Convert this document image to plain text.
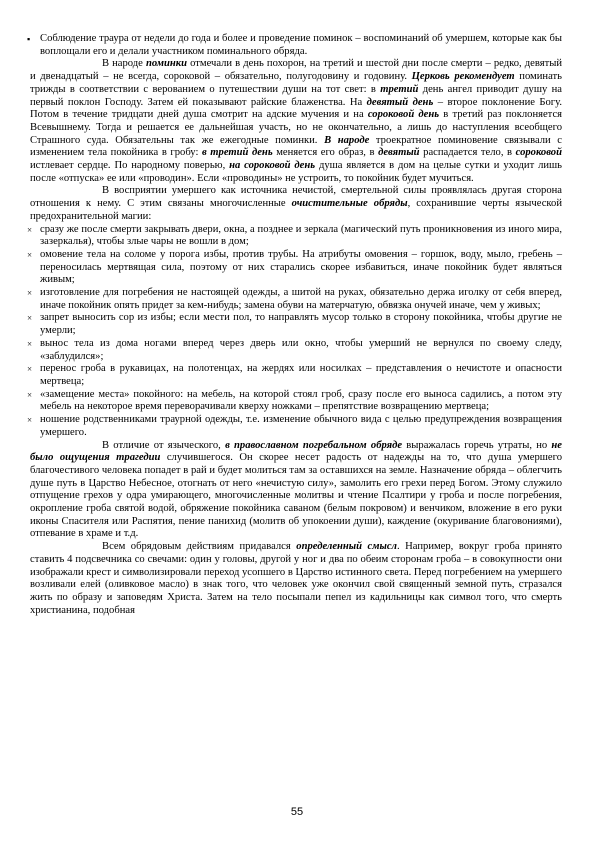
▪ Соблюдение траура от недели до года и более и проведение поминок – воспоминаний об умершем, которые как бы воплощали его и делали участником поминального обряда.

В народе поминки отмечали в день похорон, на третий и шестой дни после смерти – редко, девятый и двенадцатый – не всегда, сороковой – обязательно, полугодовину и годовину. Церковь рекомендует поминать трижды в соответствии с верованием о путешествии души на тот свет: в третий день ангел приводит душу на первый поклон Господу. Затем ей показывают райские блаженства. На девятый день – второе поклонение Богу. Потом в течение тридцати дней душа смотрит на адские мучения и на сороковой день в третий раз поклоняется Всевышнему. Тогда и решается ее дальнейшая участь, но не окончательно, а лишь до наступления всеобщего Страшного суда. Обязательны так же ежегодные поминки. В народе троекратное поминовение связывали с изменением тела покойника в гробу: в третий день меняется его образ, в девятый распадается тело, в сороковой истлевает сердце. По народному поверью, на сороковой день душа является в дом на целые сутки и уходит лишь после «отпуска» ее или «проводин». Если «проводины» не устроить, то покойник будет мучиться.

В восприятии умершего как источника нечистой, смертельной силы проявлялась другая сторона отношения к нему. С этим связаны многочисленные очистительные обряды, сохранившие черты языческой предохранительной магии:

× сразу же после смерти закрывать двери, окна, а позднее и зеркала (магический путь проникновения из иного мира, зазеркалья), чтобы злые чары не вошли в дом;

× омовение тела на соломе у порога избы, против трубы. На атрибуты омовения – горшок, воду, мыло, гребень – переносилась мертвящая сила, поэтому от них старались скорее избавиться, иначе покойник будет являться живым;

× изготовление для погребения не настоящей одежды, а шитой на руках, обязательно держа иголку от себя вперед, иначе покойник опять придет за кем-нибудь; замена обуви на матерчатую, обвязка онучей иначе, чем у живых;

× запрет выносить сор из избы; если мести пол, то направлять мусор только в сторону покойника, чтобы другие не умерли;

× вынос тела из дома ногами вперед через дверь или окно, чтобы умерший не вернулся по своему следу, «заблудился»;

× перенос гроба в рукавицах, на полотенцах, на жердях или носилках – представления о нечистоте и опасности мертвеца;

× «замещение места» покойного: на мебель, на которой стоял гроб, сразу после его выноса садились, а потом эту мебель на некоторое время переворачивали кверху ножками – препятствие возвращению мертвеца;

× ношение родственниками траурной одежды, т.е. изменение обычного вида с целью предупреждения возвращения умершего.

В отличие от языческого, в православном погребальном обряде выражалась горечь утраты, но не было ощущения трагедии случившегося. Он скорее несет радость от надежды на то, что душа умершего благочестивого человека попадет в рай и будет молиться там за оставшихся на земле. Назначение обряда – облегчить душе путь в Царство Небесное, отогнать от него «нечистую силу», замолить его грехи перед Богом. Этому служило отпущение грехов у одра умирающего, многочисленные молитвы и чтение Псалтири у гроба и после погребения, окропление гроба святой водой, обряжение покойника саваном (белым покровом) и венчиком, вложение в его руки иконы Спасителя или Распятия, пение панихид (молитв об упокоении души), каждение (окуривание благовониями), отпевание в храме и т.д.

Всем обрядовым действиям придавался определенный смысл. Например, вокруг гроба принято ставить 4 подсвечника со свечами: один у головы, другой у ног и два по обеим сторонам гроба – в совокупности они изображали крест и символизировали переход усопшего в Царство истинного света. Перед погребением на умершего возливали елей (оливковое масло) в знак того, что человек уже окончил свой священный земной путь, стразался жить по образу и заповедям Христа. Затем на тело посыпали пепел из кадильницы как символ того, что смерть христианина, подобная

55
